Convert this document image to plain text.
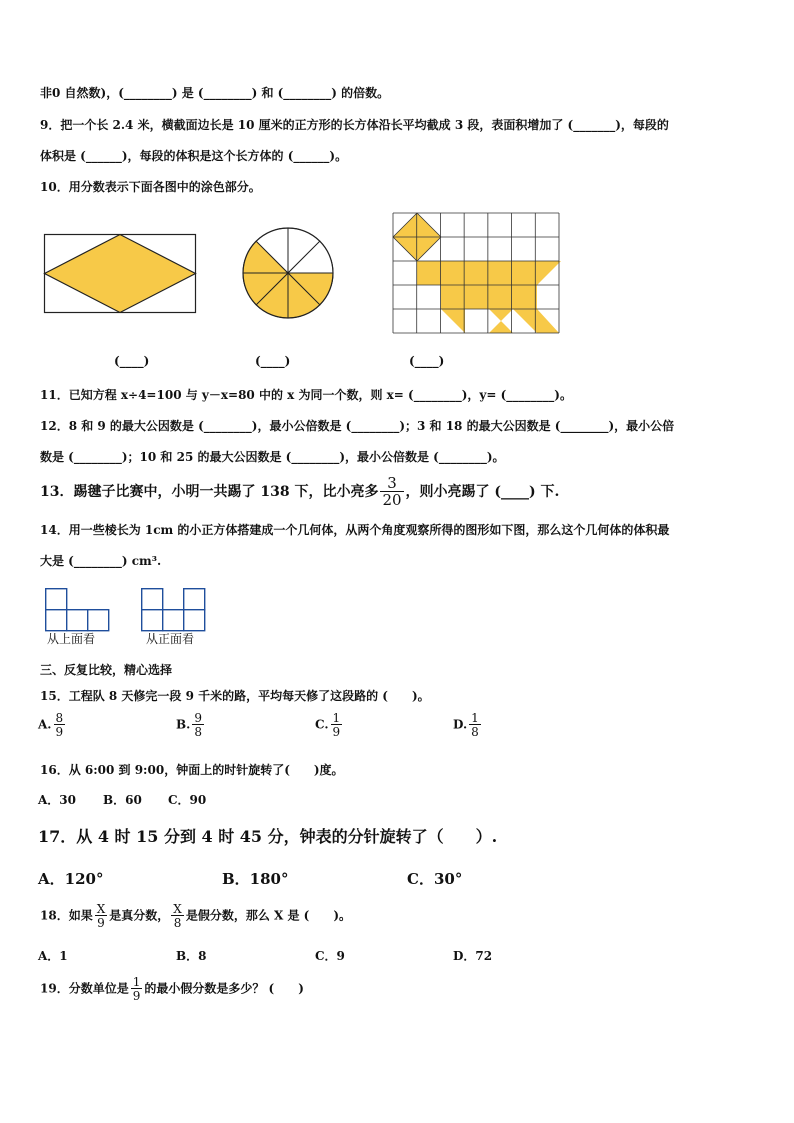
非0 自然数)，(________) 是 (________) 和 (________) 的倍数。
9．把一个长 2.4 米，横截面边长是 10 厘米的正方形的长方体沿长平均截成 3 段，表面积增加了 (_______)，每段的
体积是 (______)，每段的体积是这个长方体的 (______)。
10．用分数表示下面各图中的涂色部分。
(____)	(____)	(____)
11．已知方程 x÷4=100 与 y－x=80 中的 x 为同一个数，则 x= (________)，y= (________)。
12．8 和 9 的最大公因数是 (________)，最小公倍数是 (________)；3 和 18 的最大公因数是 (________)，最小公倍
数是 (________)；10 和 25 的最大公因数是 (________)，最小公倍数是 (________)。
13．踢毽子比赛中，小明一共踢了 138 下，比小亮多 $\frac{3}{20}$ ，则小亮踢了 (____) 下.
14．用一些棱长为 1cm 的小正方体搭建成一个几何体，从两个角度观察所得的图形如下图，那么这个几何体的体积最
大是 (________) cm³.
从上面看	从正面看
三、反复比较，精心选择
15．工程队 8 天修完一段 9 千米的路，平均每天修了这段路的 (　　)。
A. $\frac{8}{9}$	B. $\frac{9}{8}$	C. $\frac{1}{9}$	D. $\frac{1}{8}$
16．从 6:00 到 9:00，钟面上的时针旋转了(　　)度。
A．30 B．60 C．90
17．从 4 时 15 分到 4 时 45 分，钟表的分针旋转了（　　）.
A．120°	B．180°	C．30°
18．如果 $\frac{X}{9}$ 是真分数， $\frac{X}{8}$ 是假分数，那么 X 是 (　　)。
A．1	B．8	C．9	D．72
19．分数单位是 $\frac{1}{9}$ 的最小假分数是多少？ (　　)
